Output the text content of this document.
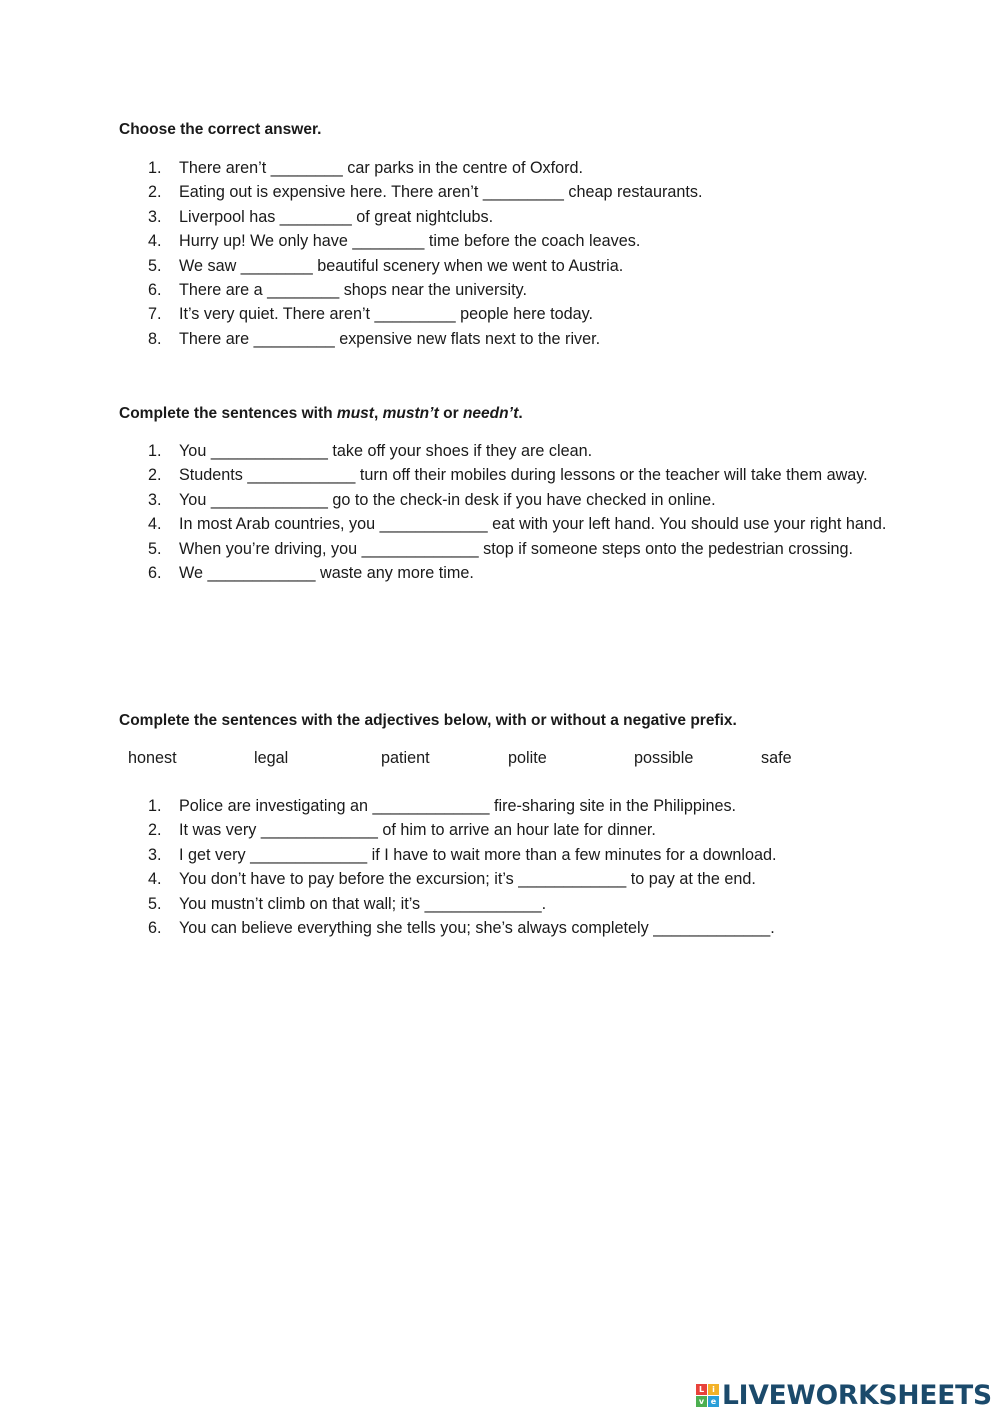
Choose the correct answer.
1. There aren’t ________ car parks in the centre of Oxford.
2. Eating out is expensive here. There aren’t _________ cheap restaurants.
3. Liverpool has ________ of great nightclubs.
4. Hurry up! We only have ________ time before the coach leaves.
5. We saw ________ beautiful scenery when we went to Austria.
6. There are a ________ shops near the university.
7. It’s very quiet. There aren’t _________ people here today.
8. There are _________ expensive new flats next to the river.
Complete the sentences with must, mustn’t or needn’t.
1. You _____________ take off your shoes if they are clean.
2. Students ____________ turn off their mobiles during lessons or the teacher will take them away.
3. You _____________ go to the check-in desk if you have checked in online.
4. In most Arab countries, you ____________ eat with your left hand. You should use your right hand.
5. When you’re driving, you _____________ stop if someone steps onto the pedestrian crossing.
6. We ____________ waste any more time.
Complete the sentences with the adjectives below, with or without a negative prefix.
honest	legal	patient	polite	possible	safe
1. Police are investigating an _____________ fire-sharing site in the Philippines.
2. It was very _____________ of him to arrive an hour late for dinner.
3. I get very _____________ if I have to wait more than a few minutes for a download.
4. You don’t have to pay before the excursion; it’s ____________ to pay at the end.
5. You mustn’t climb on that wall; it’s _____________.
6. You can believe everything she tells you; she’s always completely _____________.
L	i
v e LIVEWORKSHEETS
